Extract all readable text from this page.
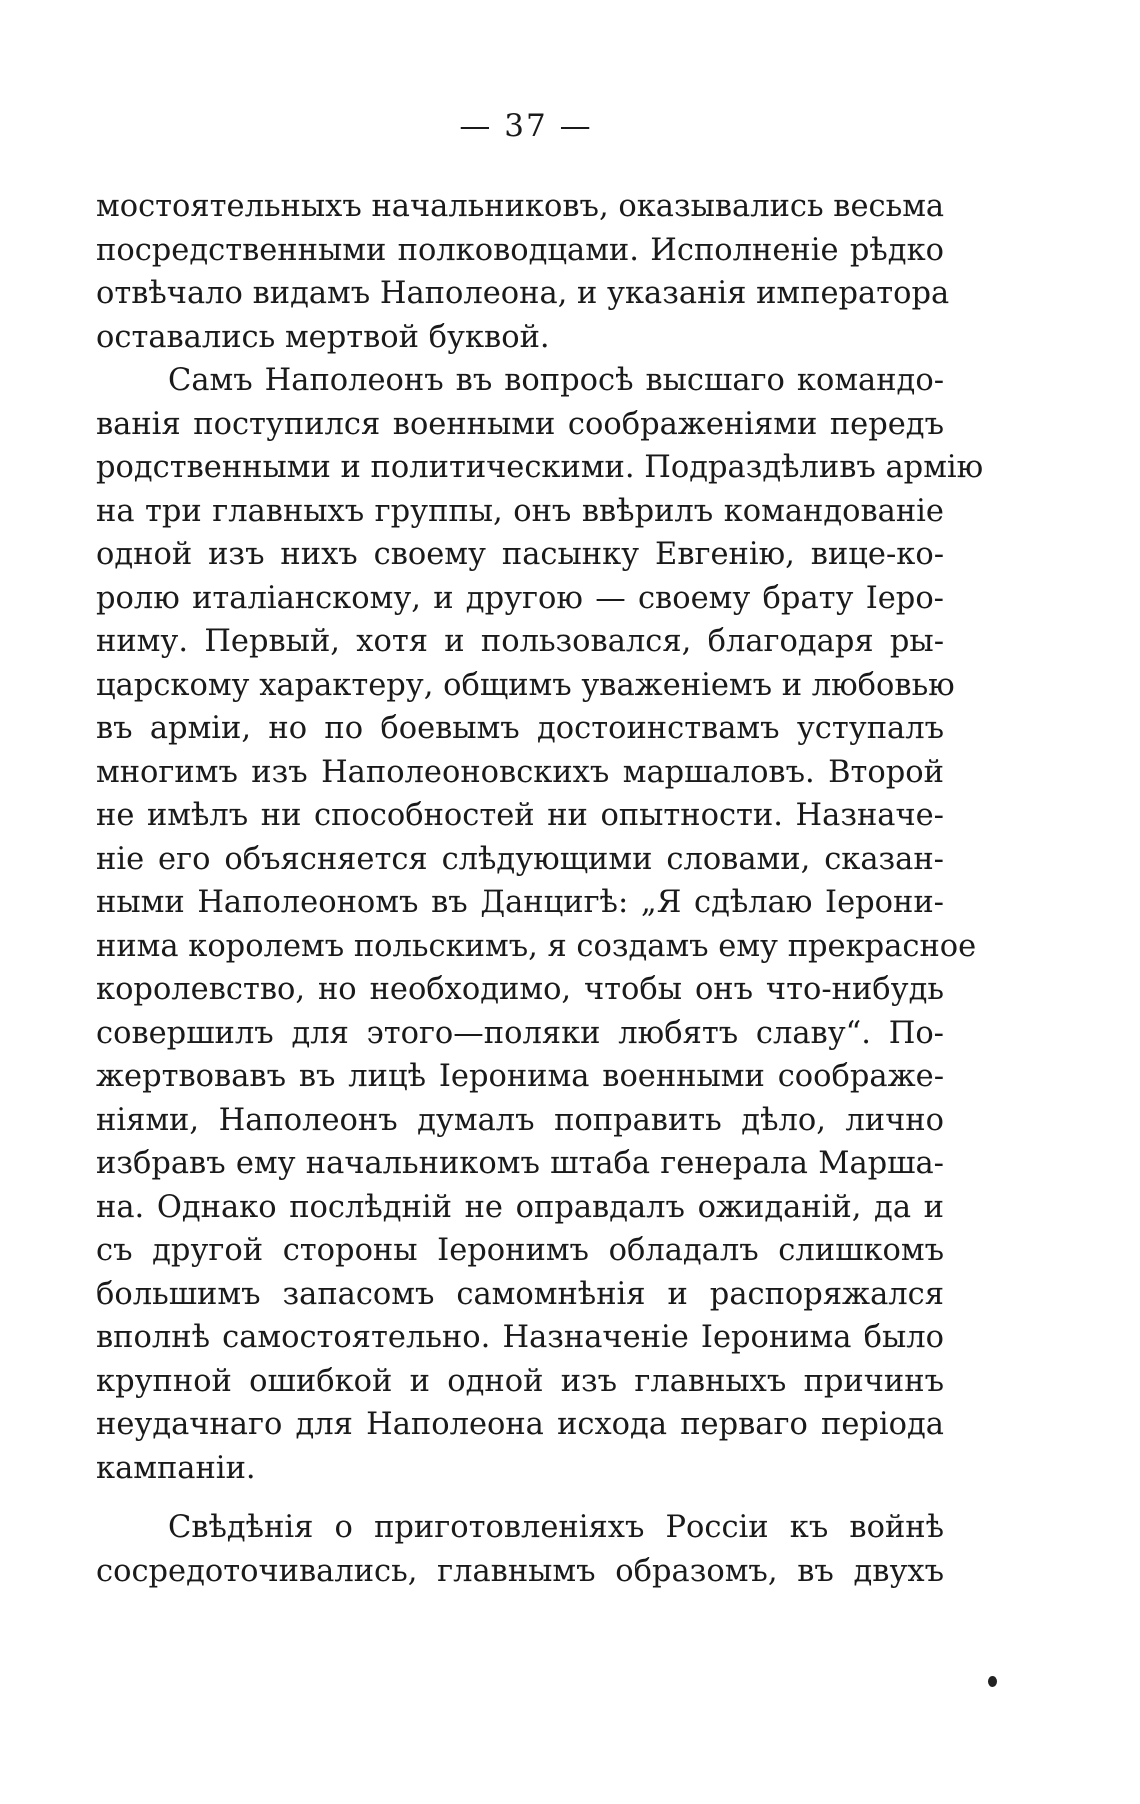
— 37 —
мостоятельныхъ начальниковъ, оказывались весьма
посредственными полководцами. Исполненіе рѣдко
отвѣчало видамъ Наполеона, и указанія императора
оставались мертвой буквой.
Самъ Наполеонъ въ вопросѣ высшаго командо-
ванія поступился военными соображеніями передъ
родственными и политическими. Подраздѣливъ армію
на три главныхъ группы, онъ ввѣрилъ командованіе
одной изъ нихъ своему пасынку Евгенію, вице-ко-
ролю италіанскому, и другою — своему брату Іеро-
ниму. Первый, хотя и пользовался, благодаря ры-
царскому характеру, общимъ уваженіемъ и любовью
въ арміи, но по боевымъ достоинствамъ уступалъ
многимъ изъ Наполеоновскихъ маршаловъ. Второй
не имѣлъ ни способностей ни опытности. Назначе-
ніе его объясняется слѣдующими словами, сказан-
ными Наполеономъ въ Данцигѣ: „Я сдѣлаю Іерони-
нима королемъ польскимъ, я создамъ ему прекрасное
королевство, но необходимо, чтобы онъ что-нибудь
совершилъ для этого—поляки любятъ славу“. По-
жертвовавъ въ лицѣ Іеронима военными соображе-
ніями, Наполеонъ думалъ поправить дѣло, лично
избравъ ему начальникомъ штаба генерала Марша-
на. Однако послѣдній не оправдалъ ожиданій, да и
съ другой стороны Іеронимъ обладалъ слишкомъ
большимъ запасомъ самомнѣнія и распоряжался
вполнѣ самостоятельно. Назначеніе Іеронима было
крупной ошибкой и одной изъ главныхъ причинъ
неудачнаго для Наполеона исхода перваго періода
кампаніи.
Свѣдѣнія о приготовленіяхъ Россіи къ войнѣ
сосредоточивались, главнымъ образомъ, въ двухъ
